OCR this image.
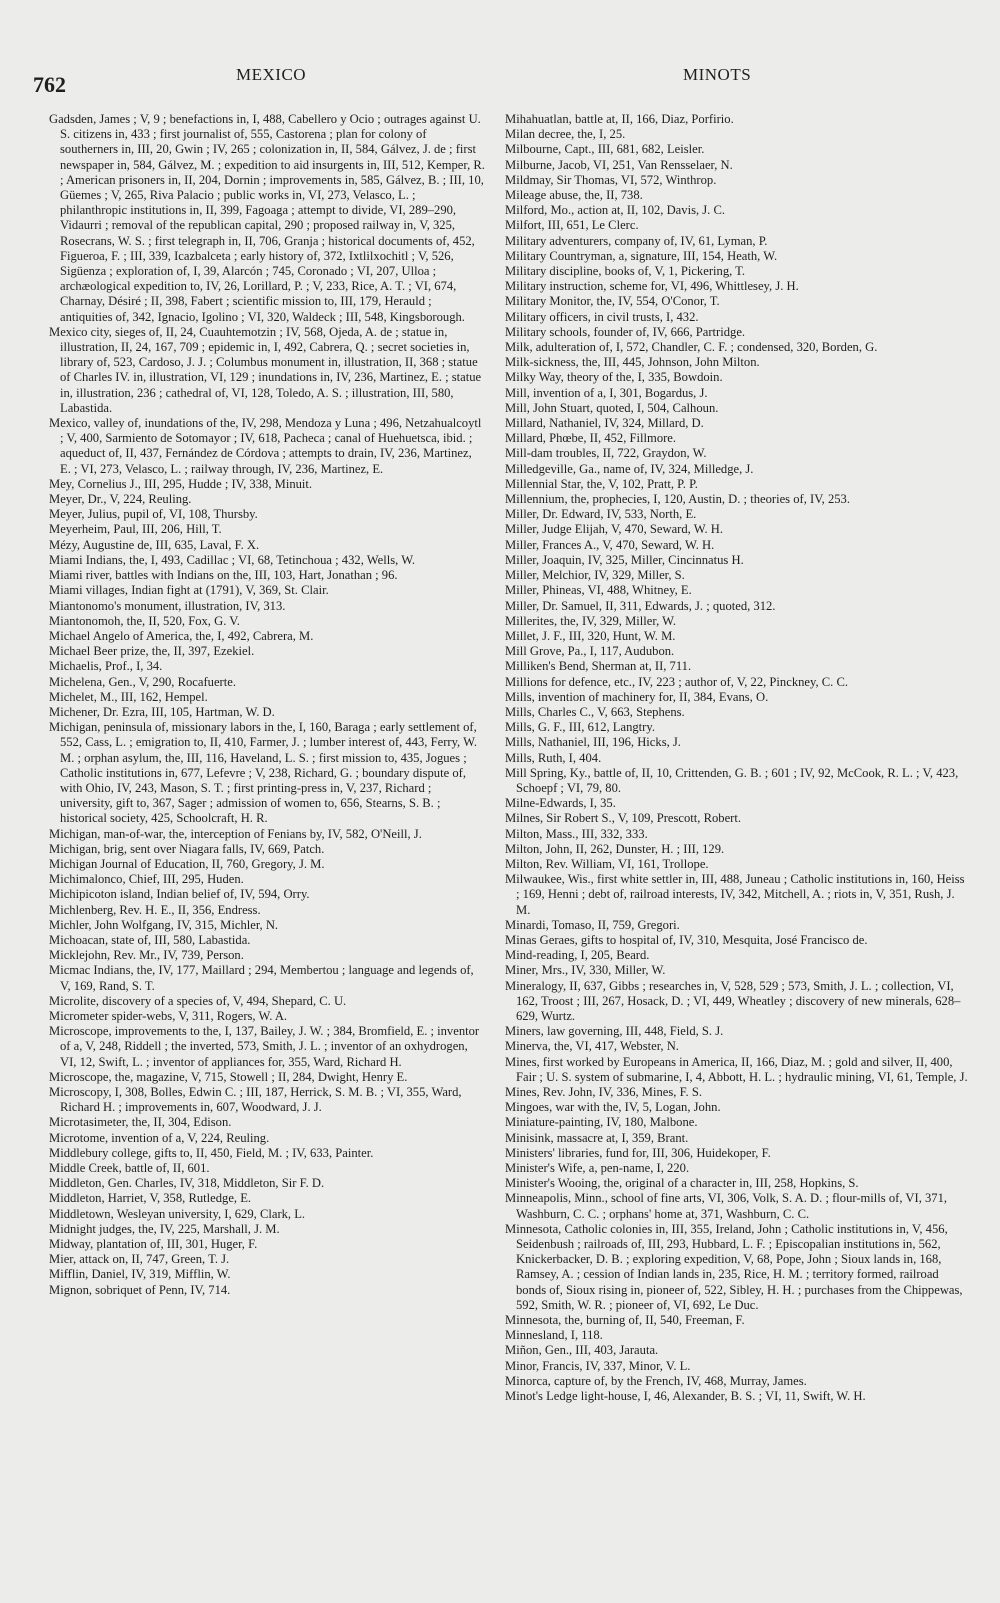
762	MEXICO	MINOTS
Gadsden, James ; V, 9 ; benefactions in, I, 488, Cabellero y Ocio ; outrages against U. S. citizens in, 433 ; first journalist of, 555, Castorena ; plan for colony of southerners in, III, 20, Gwin ; IV, 265 ; colonization in, II, 584, Gálvez, J. de ; first newspaper in, 584, Gálvez, M. ; expedition to aid insurgents in, III, 512, Kemper, R. ; American prisoners in, II, 204, Dornin ; improvements in, 585, Gálvez, B. ; III, 10, Güemes ; V, 265, Riva Palacio ; public works in, VI, 273, Velasco, L. ; philanthropic institutions in, II, 399, Fagoaga ; attempt to divide, VI, 289–290, Vidaurri ; removal of the republican capital, 290 ; proposed railway in, V, 325, Rosecrans, W. S. ; first telegraph in, II, 706, Granja ; historical documents of, 452, Figueroa, F. ; III, 339, Icazbalceta ; early history of, 372, Ixtlilxochitl ; V, 526, Sigüenza ; exploration of, I, 39, Alarcón ; 745, Coronado ; VI, 207, Ulloa ; archæological expedition to, IV, 26, Lorillard, P. ; V, 233, Rice, A. T. ; VI, 674, Charnay, Désiré ; II, 398, Fabert ; scientific mission to, III, 179, Herauld ; antiquities of, 342, Ignacio, Igolino ; VI, 320, Waldeck ; III, 548, Kingsborough.
Mexico city, sieges of, II, 24, Cuauhtemotzin ; IV, 568, Ojeda, A. de ; statue in, illustration, II, 24, 167, 709 ; epidemic in, I, 492, Cabrera, Q. ; secret societies in, library of, 523, Cardoso, J. J. ; Columbus monument in, illustration, II, 368 ; statue of Charles IV. in, illustration, VI, 129 ; inundations in, IV, 236, Martinez, E. ; statue in, illustration, 236 ; cathedral of, VI, 128, Toledo, A. S. ; illustration, III, 580, Labastida.
Mexico, valley of, inundations of the, IV, 298, Mendoza y Luna ; 496, Netzahualcoytl ; V, 400, Sarmiento de Sotomayor ; IV, 618, Pacheca ; canal of Huehuetsca, ibid. ; aqueduct of, II, 437, Fernández de Córdova ; attempts to drain, IV, 236, Martinez, E. ; VI, 273, Velasco, L. ; railway through, IV, 236, Martinez, E.
Mey, Cornelius J., III, 295, Hudde ; IV, 338, Minuit.
Meyer, Dr., V, 224, Reuling.
Meyer, Julius, pupil of, VI, 108, Thursby.
Meyerheim, Paul, III, 206, Hill, T.
Mézy, Augustine de, III, 635, Laval, F. X.
Miami Indians, the, I, 493, Cadillac ; VI, 68, Tetinchoua ; 432, Wells, W.
Miami river, battles with Indians on the, III, 103, Hart, Jonathan ; 96.
Miami villages, Indian fight at (1791), V, 369, St. Clair.
Miantonomo's monument, illustration, IV, 313.
Miantonomoh, the, II, 520, Fox, G. V.
Michael Angelo of America, the, I, 492, Cabrera, M.
Michael Beer prize, the, II, 397, Ezekiel.
Michaelis, Prof., I, 34.
Michelena, Gen., V, 290, Rocafuerte.
Michelet, M., III, 162, Hempel.
Michener, Dr. Ezra, III, 105, Hartman, W. D.
Michigan, peninsula of, missionary labors in the, I, 160, Baraga ; early settlement of, 552, Cass, L. ; emigration to, II, 410, Farmer, J. ; lumber interest of, 443, Ferry, W. M. ; orphan asylum, the, III, 116, Haveland, L. S. ; first mission to, 435, Jogues ; Catholic institutions in, 677, Lefevre ; V, 238, Richard, G. ; boundary dispute of, with Ohio, IV, 243, Mason, S. T. ; first printing-press in, V, 237, Richard ; university, gift to, 367, Sager ; admission of women to, 656, Stearns, S. B. ; historical society, 425, Schoolcraft, H. R.
Michigan, man-of-war, the, interception of Fenians by, IV, 582, O'Neill, J.
Michigan, brig, sent over Niagara falls, IV, 669, Patch.
Michigan Journal of Education, II, 760, Gregory, J. M.
Michimalonco, Chief, III, 295, Huden.
Michipicoton island, Indian belief of, IV, 594, Orry.
Michlenberg, Rev. H. E., II, 356, Endress.
Michler, John Wolfgang, IV, 315, Michler, N.
Michoacan, state of, III, 580, Labastida.
Micklejohn, Rev. Mr., IV, 739, Person.
Micmac Indians, the, IV, 177, Maillard ; 294, Membertou ; language and legends of, V, 169, Rand, S. T.
Microlite, discovery of a species of, V, 494, Shepard, C. U.
Micrometer spider-webs, V, 311, Rogers, W. A.
Microscope, improvements to the, I, 137, Bailey, J. W. ; 384, Bromfield, E. ; inventor of a, V, 248, Riddell ; the inverted, 573, Smith, J. L. ; inventor of an oxhydrogen, VI, 12, Swift, L. ; inventor of appliances for, 355, Ward, Richard H.
Microscope, the, magazine, V, 715, Stowell ; II, 284, Dwight, Henry E.
Microscopy, I, 308, Bolles, Edwin C. ; III, 187, Herrick, S. M. B. ; VI, 355, Ward, Richard H. ; improvements in, 607, Woodward, J. J.
Microtasimeter, the, II, 304, Edison.
Microtome, invention of a, V, 224, Reuling.
Middlebury college, gifts to, II, 450, Field, M. ; IV, 633, Painter.
Middle Creek, battle of, II, 601.
Middleton, Gen. Charles, IV, 318, Middleton, Sir F. D.
Middleton, Harriet, V, 358, Rutledge, E.
Middletown, Wesleyan university, I, 629, Clark, L.
Midnight judges, the, IV, 225, Marshall, J. M.
Midway, plantation of, III, 301, Huger, F.
Mier, attack on, II, 747, Green, T. J.
Mifflin, Daniel, IV, 319, Mifflin, W.
Mignon, sobriquet of Penn, IV, 714.
Mihahuatlan, battle at, II, 166, Diaz, Porfirio.
Milan decree, the, I, 25.
Milbourne, Capt., III, 681, 682, Leisler.
Milburne, Jacob, VI, 251, Van Rensselaer, N.
Mildmay, Sir Thomas, VI, 572, Winthrop.
Mileage abuse, the, II, 738.
Milford, Mo., action at, II, 102, Davis, J. C.
Milfort, III, 651, Le Clerc.
Military adventurers, company of, IV, 61, Lyman, P.
Military Countryman, a, signature, III, 154, Heath, W.
Military discipline, books of, V, 1, Pickering, T.
Military instruction, scheme for, VI, 496, Whittlesey, J. H.
Military Monitor, the, IV, 554, O'Conor, T.
Military officers, in civil trusts, I, 432.
Military schools, founder of, IV, 666, Partridge.
Milk, adulteration of, I, 572, Chandler, C. F. ; condensed, 320, Borden, G.
Milk-sickness, the, III, 445, Johnson, John Milton.
Milky Way, theory of the, I, 335, Bowdoin.
Mill, invention of a, I, 301, Bogardus, J.
Mill, John Stuart, quoted, I, 504, Calhoun.
Millard, Nathaniel, IV, 324, Millard, D.
Millard, Phœbe, II, 452, Fillmore.
Mill-dam troubles, II, 722, Graydon, W.
Milledgeville, Ga., name of, IV, 324, Milledge, J.
Millennial Star, the, V, 102, Pratt, P. P.
Millennium, the, prophecies, I, 120, Austin, D. ; theories of, IV, 253.
Miller, Dr. Edward, IV, 533, North, E.
Miller, Judge Elijah, V, 470, Seward, W. H.
Miller, Frances A., V, 470, Seward, W. H.
Miller, Joaquin, IV, 325, Miller, Cincinnatus H.
Miller, Melchior, IV, 329, Miller, S.
Miller, Phineas, VI, 488, Whitney, E.
Miller, Dr. Samuel, II, 311, Edwards, J. ; quoted, 312.
Millerites, the, IV, 329, Miller, W.
Millet, J. F., III, 320, Hunt, W. M.
Mill Grove, Pa., I, 117, Audubon.
Milliken's Bend, Sherman at, II, 711.
Millions for defence, etc., IV, 223 ; author of, V, 22, Pinckney, C. C.
Mills, invention of machinery for, II, 384, Evans, O.
Mills, Charles C., V, 663, Stephens.
Mills, G. F., III, 612, Langtry.
Mills, Nathaniel, III, 196, Hicks, J.
Mills, Ruth, I, 404.
Mill Spring, Ky., battle of, II, 10, Crittenden, G. B. ; 601 ; IV, 92, McCook, R. L. ; V, 423, Schoepf ; VI, 79, 80.
Milne-Edwards, I, 35.
Milnes, Sir Robert S., V, 109, Prescott, Robert.
Milton, Mass., III, 332, 333.
Milton, John, II, 262, Dunster, H. ; III, 129.
Milton, Rev. William, VI, 161, Trollope.
Milwaukee, Wis., first white settler in, III, 488, Juneau ; Catholic institutions in, 160, Heiss ; 169, Henni ; debt of, railroad interests, IV, 342, Mitchell, A. ; riots in, V, 351, Rush, J. M.
Minardi, Tomaso, II, 759, Gregori.
Minas Geraes, gifts to hospital of, IV, 310, Mesquita, José Francisco de.
Mind-reading, I, 205, Beard.
Miner, Mrs., IV, 330, Miller, W.
Mineralogy, II, 637, Gibbs ; researches in, V, 528, 529 ; 573, Smith, J. L. ; collection, VI, 162, Troost ; III, 267, Hosack, D. ; VI, 449, Wheatley ; discovery of new minerals, 628–629, Wurtz.
Miners, law governing, III, 448, Field, S. J.
Minerva, the, VI, 417, Webster, N.
Mines, first worked by Europeans in America, II, 166, Diaz, M. ; gold and silver, II, 400, Fair ; U. S. system of submarine, I, 4, Abbott, H. L. ; hydraulic mining, VI, 61, Temple, J.
Mines, Rev. John, IV, 336, Mines, F. S.
Mingoes, war with the, IV, 5, Logan, John.
Miniature-painting, IV, 180, Malbone.
Minisink, massacre at, I, 359, Brant.
Ministers' libraries, fund for, III, 306, Huidekoper, F.
Minister's Wife, a, pen-name, I, 220.
Minister's Wooing, the, original of a character in, III, 258, Hopkins, S.
Minneapolis, Minn., school of fine arts, VI, 306, Volk, S. A. D. ; flour-mills of, VI, 371, Washburn, C. C. ; orphans' home at, 371, Washburn, C. C.
Minnesota, Catholic colonies in, III, 355, Ireland, John ; Catholic institutions in, V, 456, Seidenbush ; railroads of, III, 293, Hubbard, L. F. ; Episcopalian institutions in, 562, Knickerbacker, D. B. ; exploring expedition, V, 68, Pope, John ; Sioux lands in, 168, Ramsey, A. ; cession of Indian lands in, 235, Rice, H. M. ; territory formed, railroad bonds of, Sioux rising in, pioneer of, 522, Sibley, H. H. ; purchases from the Chippewas, 592, Smith, W. R. ; pioneer of, VI, 692, Le Duc.
Minnesota, the, burning of, II, 540, Freeman, F.
Minnesland, I, 118.
Miñon, Gen., III, 403, Jarauta.
Minor, Francis, IV, 337, Minor, V. L.
Minorca, capture of, by the French, IV, 468, Murray, James.
Minot's Ledge light-house, I, 46, Alexander, B. S. ; VI, 11, Swift, W. H.
